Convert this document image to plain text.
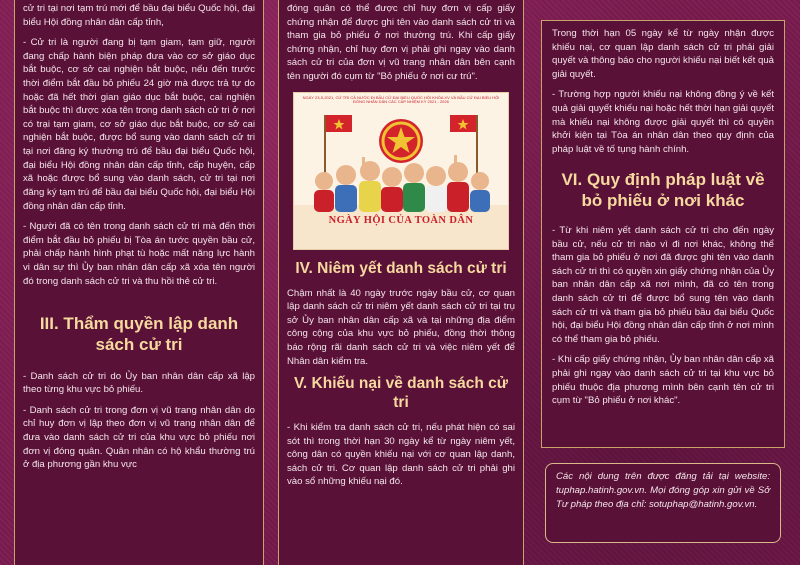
cử tri tại nơi tạm trú mới để bầu đại biểu Quốc hội, đại biểu Hội đồng nhân dân cấp tỉnh,

- Cử tri là người đang bị tạm giam, tạm giữ, người đang chấp hành biện pháp đưa vào cơ sở giáo dục bắt buộc, cơ sở cai nghiện bắt buộc, nếu đến trước thời điểm bắt đầu bỏ phiếu 24 giờ mà được trả tự do hoặc đã hết thời gian giáo dục bắt buộc, cai nghiện bắt buộc thì được xóa tên trong danh sách cử tri ở nơi có trại tạm giam, cơ sở giáo dục bắt buộc, cơ sở cai nghiện bắt buộc, được bổ sung vào danh sách cử tri tại nơi đăng ký thường trú để bầu đại biểu Quốc hội, đại biểu Hội đồng nhân dân cấp tỉnh, cấp huyện, cấp xã hoặc được bổ sung vào danh sách, cử tri tại nơi đăng ký tạm trú để bầu đại biểu Quốc hội, đại biểu Hội đồng nhân dân cấp tỉnh.

- Người đã có tên trong danh sách cử tri mà đến thời điểm bắt đầu bỏ phiếu bị Tòa án tước quyền bầu cử, phải chấp hành hình phạt tù hoặc mất năng lực hành vi dân sự thì Ủy ban nhân dân cấp xã xóa tên người đó trong danh sách cử tri và thu hồi thẻ cử tri.

III. Thẩm quyền lập danh sách cử tri

- Danh sách cử tri do Ủy ban nhân dân cấp xã lập theo từng khu vực bỏ phiếu.

- Danh sách cử tri trong đơn vị vũ trang nhân dân do chỉ huy đơn vị lập theo đơn vị vũ trang nhân dân để đưa vào danh sách cử tri của khu vực bỏ phiếu nơi đơn vị đóng quân. Quân nhân có hộ khẩu thường trú ở địa phương gần khu vực

đóng quân có thể được chỉ huy đơn vị cấp giấy chứng nhận để được ghi tên vào danh sách cử tri và tham gia bỏ phiếu ở nơi thường trú. Khi cấp giấy chứng nhận, chỉ huy đơn vị phải ghi ngay vào danh sách cử tri của đơn vị vũ trang nhân dân bên cạnh tên người đó cụm từ "Bỏ phiếu ở nơi cư trú".

NGÀY 23-5-2021, CỬ TRI CẢ NƯỚC ĐI BẦU CỬ ĐẠI BIỂU QUỐC HỘI KHÓA XV VÀ BẦU CỬ ĐẠI BIỂU HỘI ĐỒNG NHÂN DÂN CÁC CẤP NHIỆM KỲ 2021 - 2026
NGÀY HỘI CỦA TOÀN DÂN
IV. Niêm yết danh sách cử tri

Chậm nhất là 40 ngày trước ngày bầu cử, cơ quan lập danh sách cử tri niêm yết danh sách cử tri tại trụ sở Ủy ban nhân dân cấp xã và tại những địa điểm công cộng của khu vực bỏ phiếu, đồng thời thông báo rộng rãi danh sách cử tri và việc niêm yết để Nhân dân kiểm tra.

V. Khiếu nại về danh sách cử tri

- Khi kiểm tra danh sách cử tri, nếu phát hiện có sai sót thì trong thời hạn 30 ngày kể từ ngày niêm yết, công dân có quyền khiếu nại với cơ quan lập danh, sách cử tri. Cơ quan lập danh sách cử tri phải ghi vào sổ những khiếu nại đó.

Trong thời hạn 05 ngày kể từ ngày nhận được khiếu nại, cơ quan lập danh sách cử tri phải giải quyết và thông báo cho người khiếu nại biết kết quả giải quyết.

- Trường hợp người khiếu nại không đồng ý về kết quả giải quyết khiếu nại hoặc hết thời hạn giải quyết mà khiếu nại không được giải quyết thì có quyền khởi kiện tại Tòa án nhân dân theo quy định của pháp luật về tố tụng hành chính.

VI. Quy định pháp luật về bỏ phiếu ở nơi khác

- Từ khi niêm yết danh sách cử tri cho đến ngày bầu cử, nếu cử tri nào vì đi nơi khác, không thể tham gia bỏ phiếu ở nơi đã được ghi tên vào danh sách cử tri thì có quyền xin giấy chứng nhận của Ủy ban nhân dân cấp xã nơi mình, đã có tên trong danh sách cử tri để được bổ sung tên vào danh sách cử tri và tham gia bỏ phiếu bầu đại biểu Quốc hội, đại biểu Hội đồng nhân dân cấp tỉnh ở nơi mình có thể tham gia bỏ phiếu.

- Khi cấp giấy chứng nhận, Ủy ban nhân dân cấp xã phải ghi ngay vào danh sách cử tri tại khu vực bỏ phiếu thuộc địa phương mình bên cạnh tên cử tri cụm từ "Bỏ phiếu ở nơi khác".

Các nội dung trên được đăng tải tại website: tuphap.hatinh.gov.vn. Mọi đóng góp xin gửi về Sở Tư pháp theo địa chỉ: sotuphap@hatinh.gov.vn.
